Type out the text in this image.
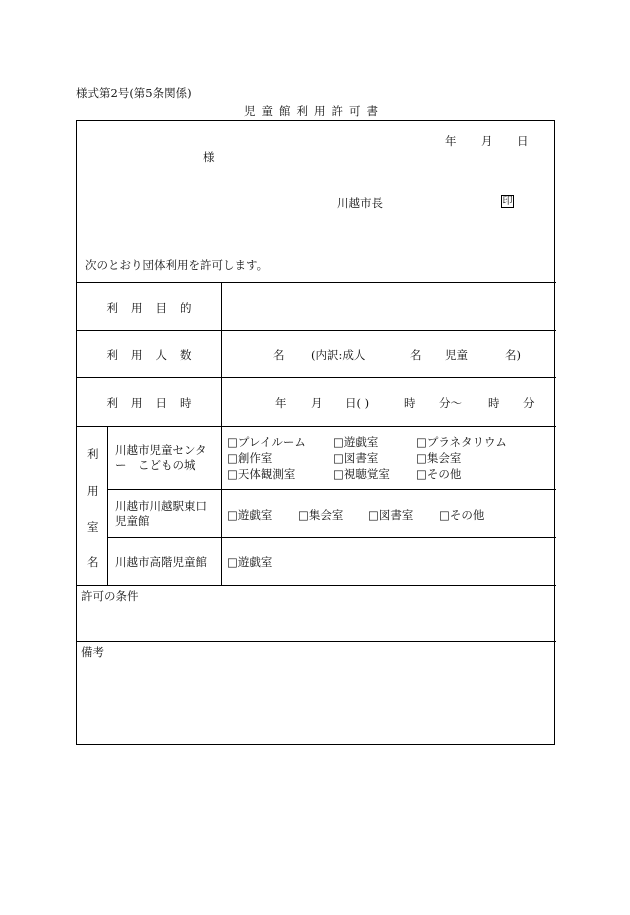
様式第2号(第5条関係)
児童館利用許可書
年 月 日
様
川越市長	印
次のとおり団体利用を許可します。
利用目的
利用人数	名 (内訳:成人	名 児童	名)
利用日時	年 月 日( )	時 分〜 時 分
利
用
室
名
川越市児童センター　こどもの城
□プレイルーム □遊戯室	□プラネタリウム
□創作室	□図書室	□集会室
□天体観測室	□視聴覚室 □その他
川越市川越駅東口児童館	□遊戯室 □集会室 □図書室 □その他
川越市高階児童館 □遊戯室
許可の条件
備考
